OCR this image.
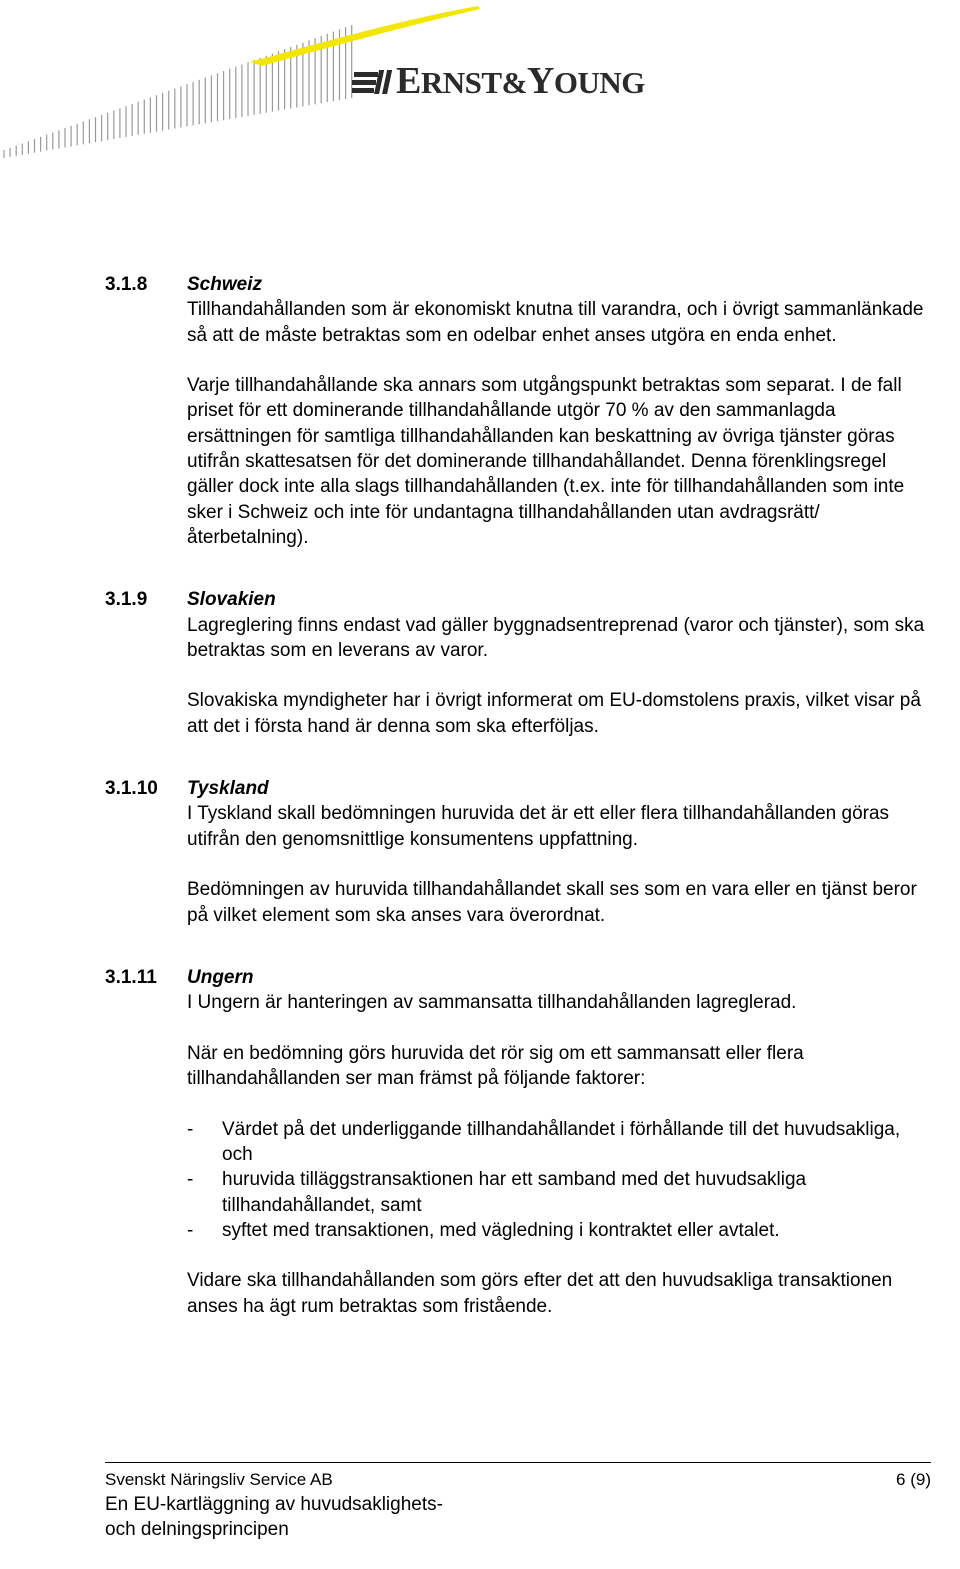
ERNST&YOUNG
3.1.8	Schweiz

Tillhandahållanden som är ekonomiskt knutna till varandra, och i övrigt sammanlänkade så att de måste betraktas som en odelbar enhet anses utgöra en enda enhet.

Varje tillhandahållande ska annars som utgångspunkt betraktas som separat. I de fall priset för ett dominerande tillhandahållande utgör 70 % av den sammanlagda ersättningen för samtliga tillhandahållanden kan beskattning av övriga tjänster göras utifrån skattesatsen för det dominerande tillhandahållandet. Denna förenklingsregel gäller dock inte alla slags tillhandahållanden (t.ex. inte för tillhandahållanden som inte sker i Schweiz och inte för undantagna tillhandahållanden utan avdragsrätt/återbetalning).

3.1.9	Slovakien

Lagreglering finns endast vad gäller byggnadsentreprenad (varor och tjänster), som ska betraktas som en leverans av varor.

Slovakiska myndigheter har i övrigt informerat om EU-domstolens praxis, vilket visar på att det i första hand är denna som ska efterföljas.

3.1.10	Tyskland

I Tyskland skall bedömningen huruvida det är ett eller flera tillhandahållanden göras utifrån den genomsnittlige konsumentens uppfattning.

Bedömningen av huruvida tillhandahållandet skall ses som en vara eller en tjänst beror på vilket element som ska anses vara överordnat.

3.1.11	Ungern

I Ungern är hanteringen av sammansatta tillhandahållanden lagreglerad.

När en bedömning görs huruvida det rör sig om ett sammansatt eller flera tillhandahållanden ser man främst på följande faktorer:

-	Värdet på det underliggande tillhandahållandet i förhållande till det huvudsakliga, och
-	huruvida tilläggstransaktionen har ett samband med det huvudsakliga tillhandahållandet, samt
-	syftet med transaktionen, med vägledning i kontraktet eller avtalet.

Vidare ska tillhandahållanden som görs efter det att den huvudsakliga transaktionen anses ha ägt rum betraktas som fristående.

Svenskt Näringsliv Service AB	6 (9)
En EU-kartläggning av huvudsaklighets-
och delningsprincipen
